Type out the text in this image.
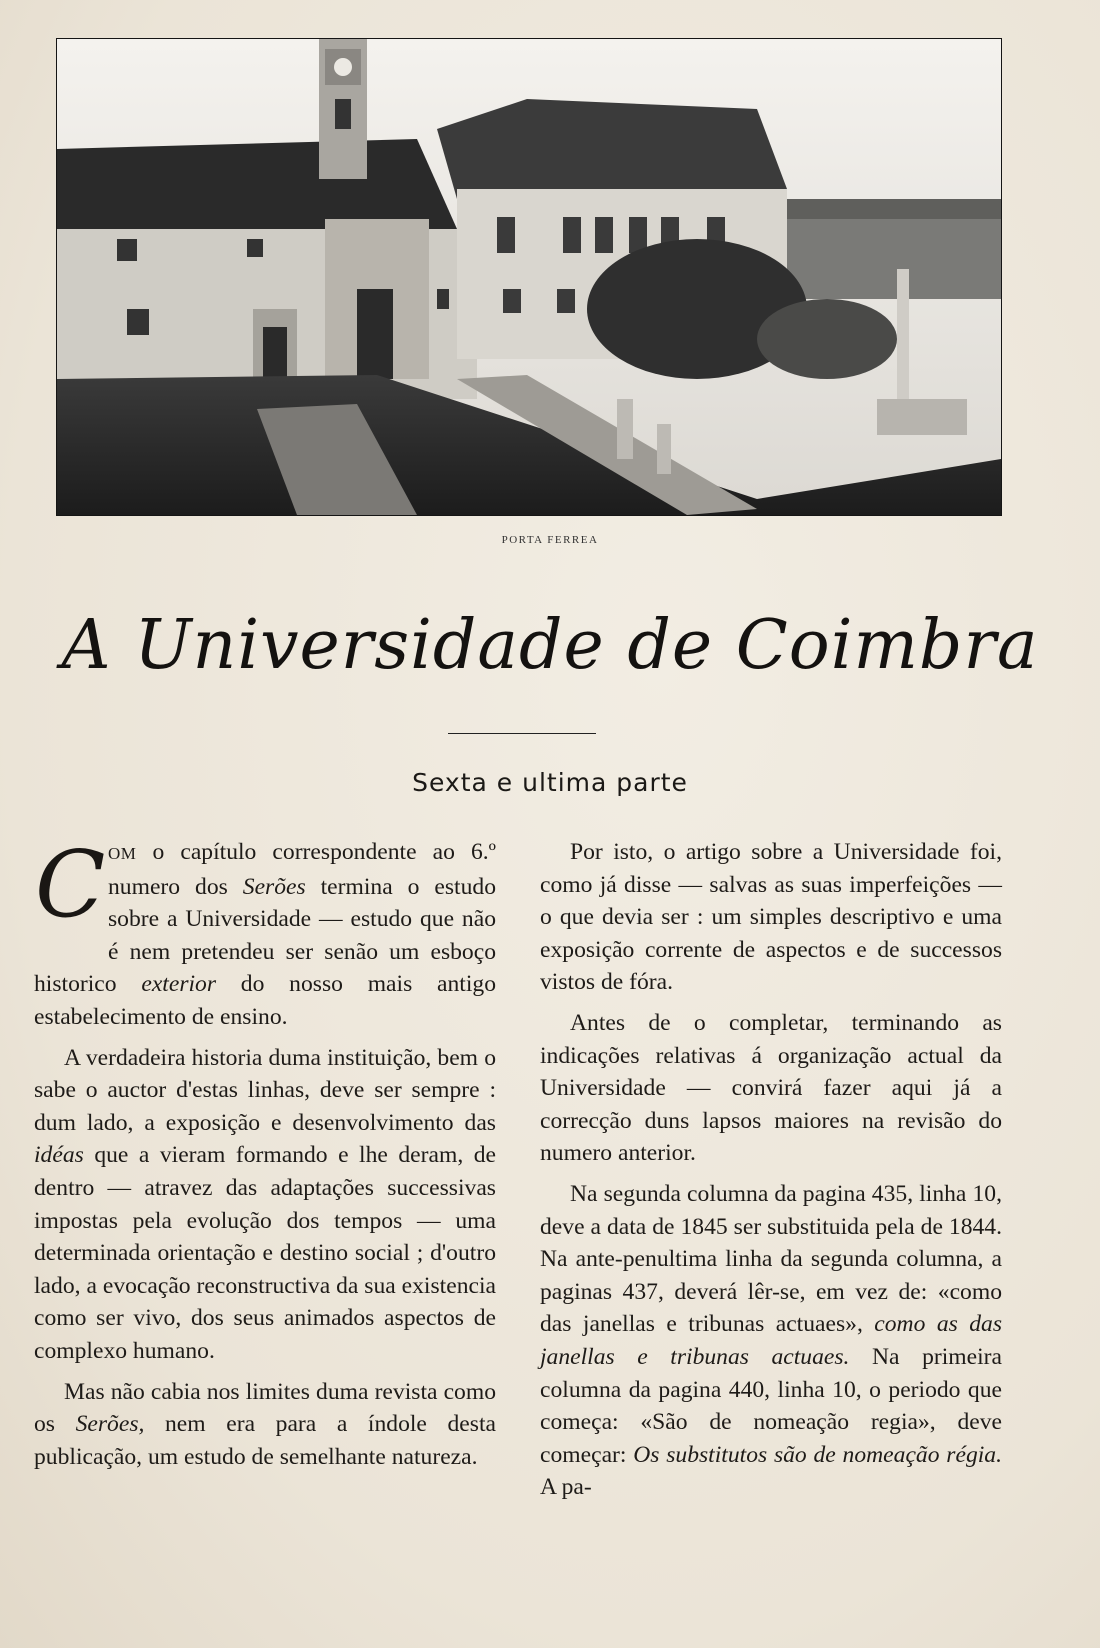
PORTA FERREA
A Universidade de Coimbra
Sexta e ultima parte

C OM o capítulo correspondente ao 6.º numero dos Serões termina o estudo sobre a Universidade — estudo que não é nem pretendeu ser senão um esboço historico exterior do nosso mais antigo estabelecimento de ensino.

A verdadeira historia duma instituição, bem o sabe o auctor d'estas linhas, deve ser sempre : dum lado, a exposição e desenvolvimento das idéas que a vieram formando e lhe deram, de dentro — atravez das adaptações successivas impostas pela evolução dos tempos — uma determinada orientação e destino social ; d'outro lado, a evocação reconstructiva da sua existencia como ser vivo, dos seus animados aspectos de complexo humano.

Mas não cabia nos limites duma revista como os Serões, nem era para a índole desta publicação, um estudo de semelhante natureza.

Por isto, o artigo sobre a Universidade foi, como já disse — salvas as suas imperfeições — o que devia ser : um simples descriptivo e uma exposição corrente de aspectos e de successos vistos de fóra.

Antes de o completar, terminando as indicações relativas á organização actual da Universidade — convirá fazer aqui já a correcção duns lapsos maiores na revisão do numero anterior.

Na segunda columna da pagina 435, linha 10, deve a data de 1845 ser substituida pela de 1844. Na ante-penultima linha da segunda columna, a paginas 437, deverá lêr-se, em vez de: «como das janellas e tribunas actuaes», como as das janellas e tribunas actuaes. Na primeira columna da pagina 440, linha 10, o periodo que começa: «São de nomeação regia», deve começar: Os substitutos são de nomeação régia. A pa-
